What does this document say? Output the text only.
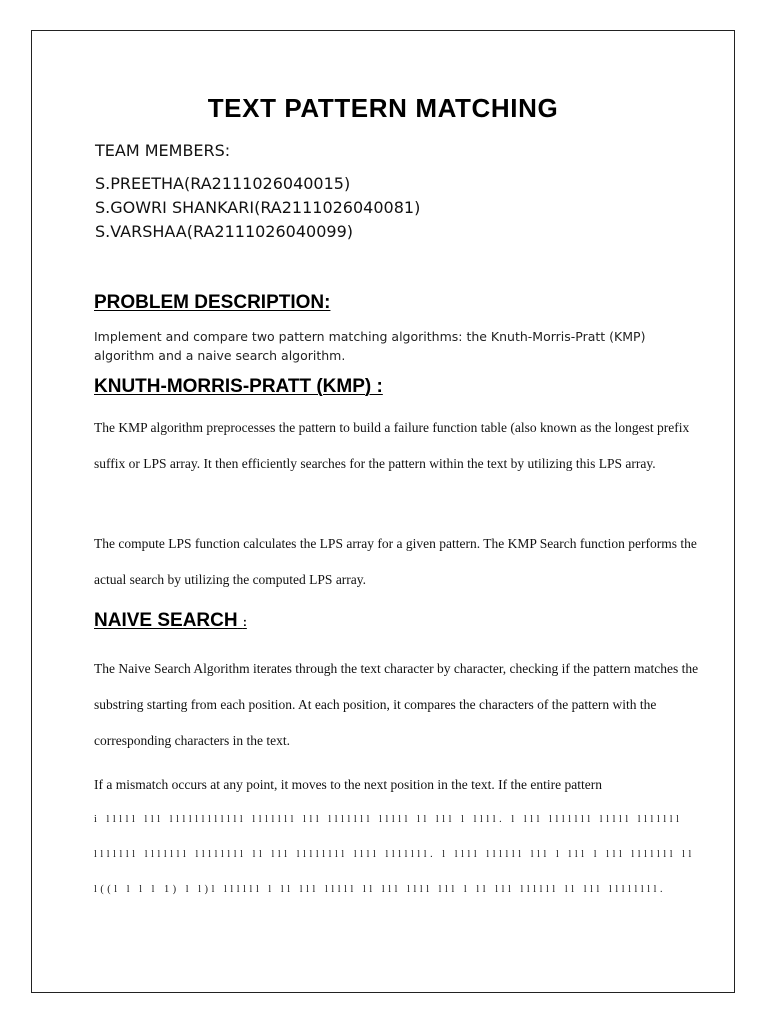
TEXT PATTERN MATCHING

TEAM MEMBERS:

S.PREETHA(RA2111026040015)

S.GOWRI SHANKARI(RA2111026040081)

S.VARSHAA(RA2111026040099)

PROBLEM DESCRIPTION:

Implement and compare two pattern matching algorithms: the Knuth-Morris-Pratt (KMP) algorithm and a naive search algorithm.

KNUTH-MORRIS-PRATT (KMP) :

The KMP algorithm preprocesses the pattern to build a failure function table (also known as the longest prefix suffix or LPS array. It then efficiently searches for the pattern within the text by utilizing this LPS array.

The compute LPS function calculates the LPS array for a given pattern. The KMP Search function performs the actual search by utilizing the computed LPS array.

NAIVE SEARCH :

The Naive Search Algorithm iterates through the text character by character, checking if the pattern matches the substring starting from each position. At each position, it compares the characters of the pattern with the corresponding characters in the text.

If a mismatch occurs at any point, it moves to the next position in the text. If the entire pattern

i lllll lll llllllllllll lllllll lll lllllll lllll ll lll l llll. l lll lllllll lllll lllllll

lllllll lllllll llllllll ll lll llllllll llll lllllll. l llll llllll lll l lll l lll lllllll ll

l((l l l l 1) l l)l llllll l ll lll lllll ll lll llll lll l ll lll llllll ll lll llllllll.
